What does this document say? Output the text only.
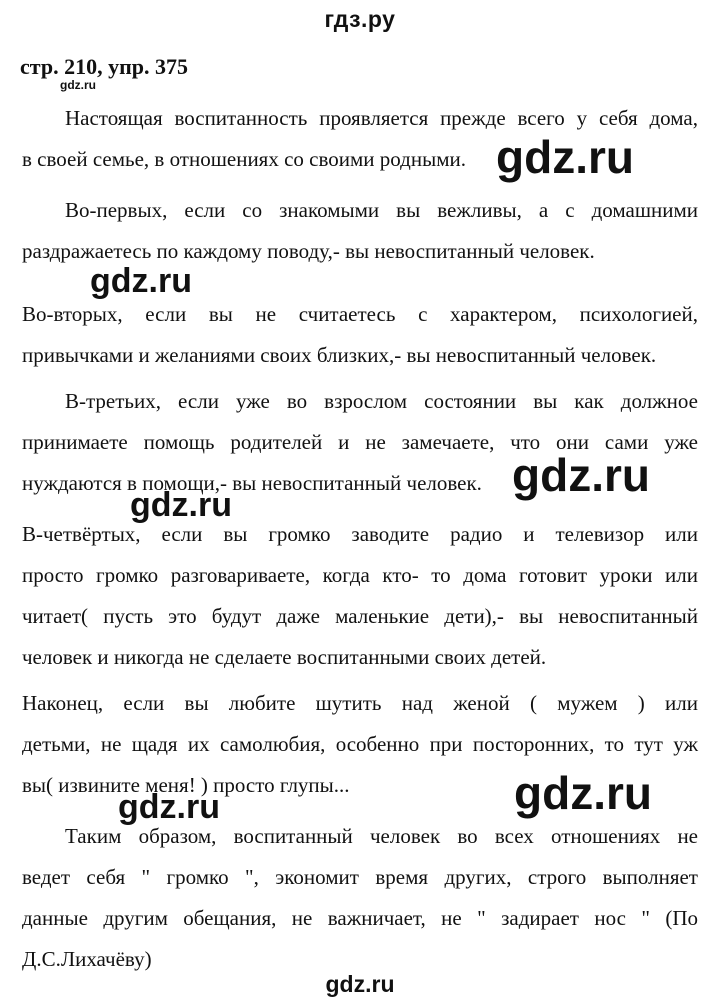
гдз.ру
стр. 210, упр. 375
gdz.ru
Настоящая воспитанность проявляется прежде всего у себя дома,
в своей семье, в отношениях со своими родными. gdz.ru
Во-первых, если со знакомыми вы вежливы, а с домашними
раздражаетесь по каждому поводу,- вы невоспитанный человек.
gdz.ru
Во-вторых, если вы не считаетесь с характером, психологией,
привычками и желаниями своих близких,- вы невоспитанный человек.
В-третьих, если уже во взрослом состоянии вы как должное
принимаете помощь родителей и не замечаете, что они сами уже
нуждаются в помощи,- вы невоспитанный человек. gdz.ru
gdz.ru
В-четвёртых, если вы громко заводите радио и телевизор или
просто громко разговариваете, когда кто- то дома готовит уроки или
читает( пусть это будут даже маленькие дети),- вы невоспитанный
человек и никогда не сделаете воспитанными своих детей.
Наконец, если вы любите шутить над женой ( мужем ) или
детьми, не щадя их самолюбия, особенно при посторонних, то тут уж
вы( извините меня! ) просто глупы...	gdz.ru
gdz.ru
Таким образом, воспитанный человек во всех отношениях не
ведет себя " громко ", экономит время других, строго выполняет
данные другим обещания, не важничает, не " задирает нос " (По
Д.С.Лихачёву)
gdz.ru
